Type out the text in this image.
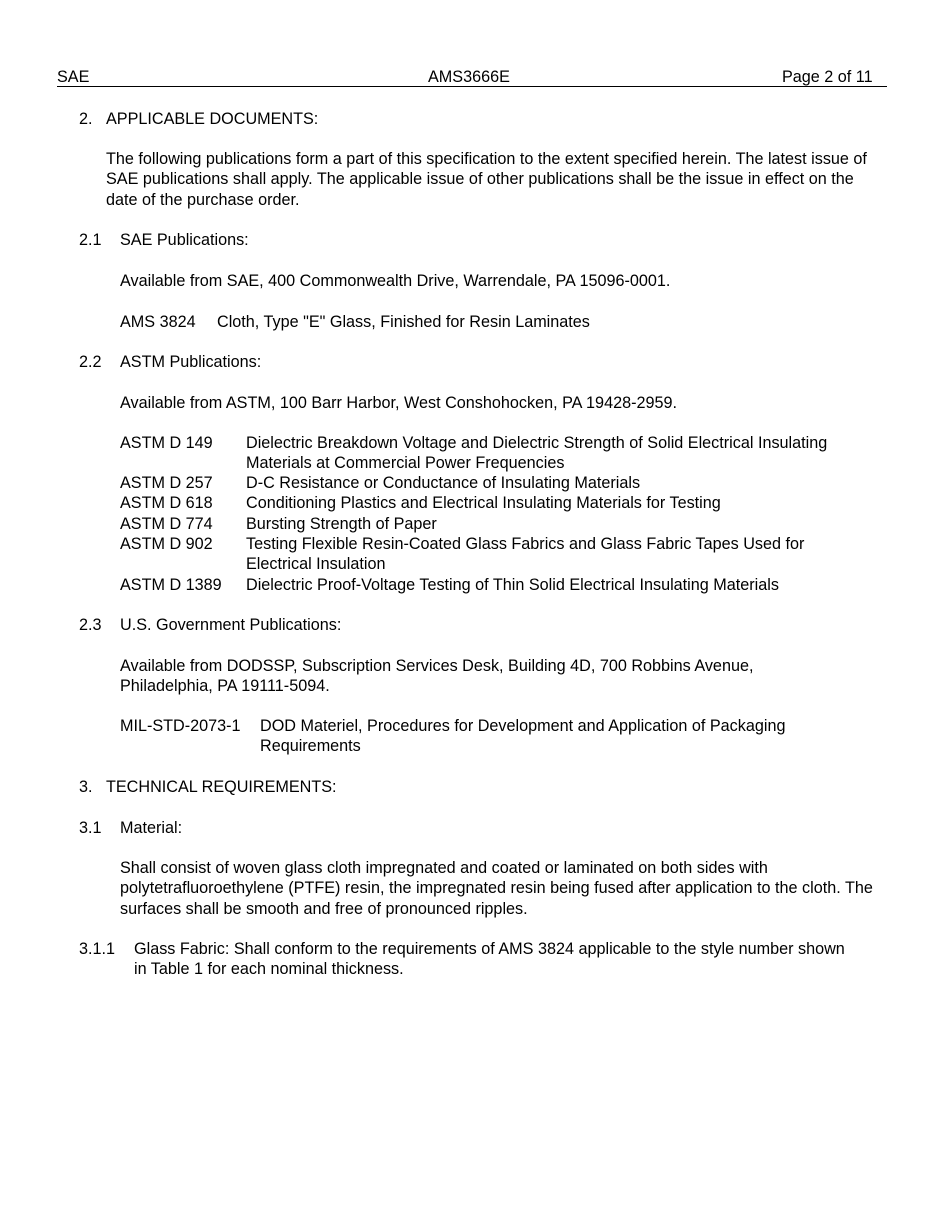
SAE	AMS3666E	Page 2 of 11
2. APPLICABLE DOCUMENTS:
The following publications form a part of this specification to the extent specified herein. The latest issue of SAE publications shall apply. The applicable issue of other publications shall be the issue in effect on the date of the purchase order.
2.1 SAE Publications:
Available from SAE, 400 Commonwealth Drive, Warrendale, PA 15096-0001.
AMS 3824 Cloth, Type "E" Glass, Finished for Resin Laminates
2.2 ASTM Publications:
Available from ASTM, 100 Barr Harbor, West Conshohocken, PA 19428-2959.
ASTM D 149 Dielectric Breakdown Voltage and Dielectric Strength of Solid Electrical Insulating Materials at Commercial Power Frequencies
ASTM D 257 D-C Resistance or Conductance of Insulating Materials
ASTM D 618 Conditioning Plastics and Electrical Insulating Materials for Testing
ASTM D 774 Bursting Strength of Paper
ASTM D 902 Testing Flexible Resin-Coated Glass Fabrics and Glass Fabric Tapes Used for Electrical Insulation
ASTM D 1389 Dielectric Proof-Voltage Testing of Thin Solid Electrical Insulating Materials
2.3 U.S. Government Publications:
Available from DODSSP, Subscription Services Desk, Building 4D, 700 Robbins Avenue, Philadelphia, PA 19111-5094.
MIL-STD-2073-1 DOD Materiel, Procedures for Development and Application of Packaging Requirements
3. TECHNICAL REQUIREMENTS:
3.1 Material:
Shall consist of woven glass cloth impregnated and coated or laminated on both sides with polytetrafluoroethylene (PTFE) resin, the impregnated resin being fused after application to the cloth. The surfaces shall be smooth and free of pronounced ripples.
3.1.1 Glass Fabric: Shall conform to the requirements of AMS 3824 applicable to the style number shown in Table 1 for each nominal thickness.
